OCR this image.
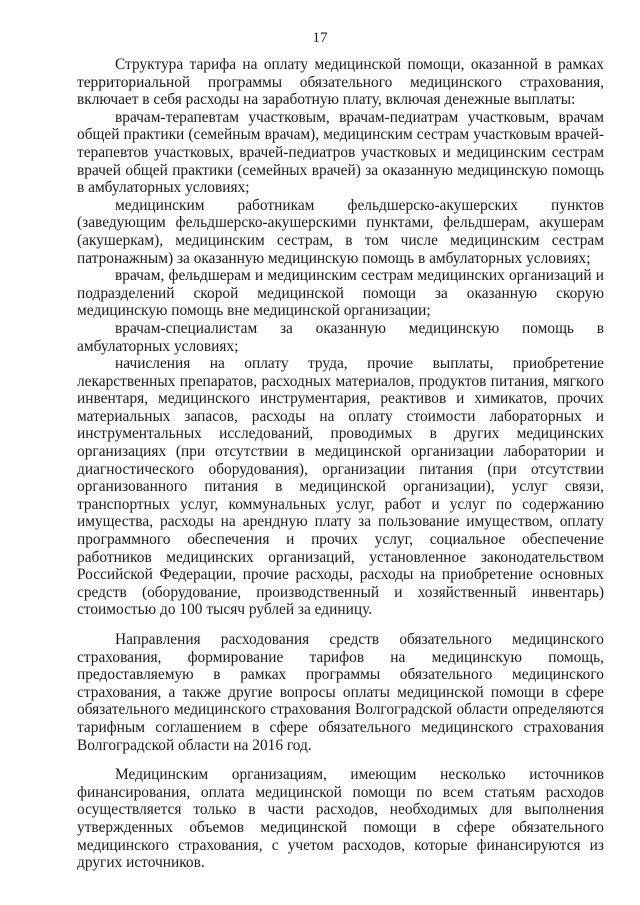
17

Структура тарифа на оплату медицинской помощи, оказанной в рамках территориальной программы обязательного медицинского страхования, включает в себя расходы на заработную плату, включая денежные выплаты:

врачам-терапевтам участковым, врачам-педиатрам участковым, врачам общей практики (семейным врачам), медицинским сестрам участковым врачей-терапевтов участковых, врачей-педиатров участковых и медицинским сестрам врачей общей практики (семейных врачей) за оказанную медицинскую помощь в амбулаторных условиях;

медицинским работникам фельдшерско-акушерских пунктов (заведующим фельдшерско-акушерскими пунктами, фельдшерам, акушерам (акушеркам), медицинским сестрам, в том числе медицинским сестрам патронажным) за оказанную медицинскую помощь в амбулаторных условиях;

врачам, фельдшерам и медицинским сестрам медицинских организаций и подразделений скорой медицинской помощи за оказанную скорую медицинскую помощь вне медицинской организации;

врачам-специалистам за оказанную медицинскую помощь в амбулаторных условиях;

начисления на оплату труда, прочие выплаты, приобретение лекарственных препаратов, расходных материалов, продуктов питания, мягкого инвентаря, медицинского инструментария, реактивов и химикатов, прочих материальных запасов, расходы на оплату стоимости лабораторных и инструментальных исследований, проводимых в других медицинских организациях (при отсутствии в медицинской организации лаборатории и диагностического оборудования), организации питания (при отсутствии организованного питания в медицинской организации), услуг связи, транспортных услуг, коммунальных услуг, работ и услуг по содержанию имущества, расходы на арендную плату за пользование имуществом, оплату программного обеспечения и прочих услуг, социальное обеспечение работников медицинских организаций, установленное законодательством Российской Федерации, прочие расходы, расходы на приобретение основных средств (оборудование, производственный и хозяйственный инвентарь) стоимостью до 100 тысяч рублей за единицу.

Направления расходования средств обязательного медицинского страхования, формирование тарифов на медицинскую помощь, предоставляемую в рамках программы обязательного медицинского страхования, а также другие вопросы оплаты медицинской помощи в сфере обязательного медицинского страхования Волгоградской области определяются тарифным соглашением в сфере обязательного медицинского страхования Волгоградской области на 2016 год.

Медицинским организациям, имеющим несколько источников финансирования, оплата медицинской помощи по всем статьям расходов осуществляется только в части расходов, необходимых для выполнения утвержденных объемов медицинской помощи в сфере обязательного медицинского страхования, с учетом расходов, которые финансируются из других источников.
